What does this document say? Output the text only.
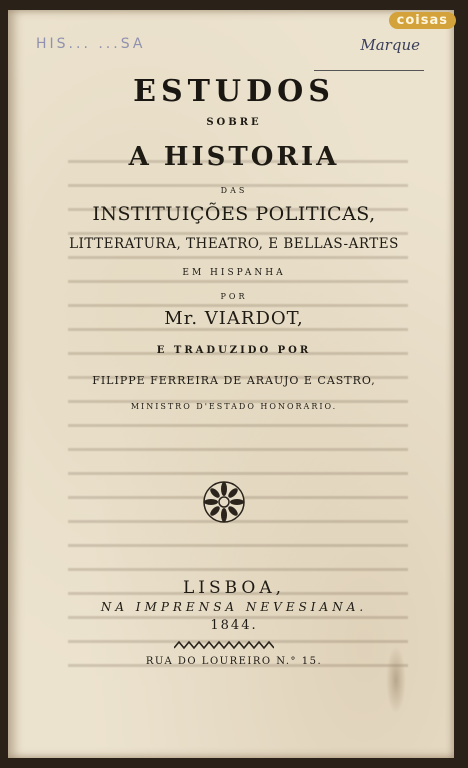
coisas
HIS... ...SA	Marque
ESTUDOS
SOBRE
A HISTORIA
DAS
INSTITUIÇÕES POLITICAS,
LITTERATURA, THEATRO, E BELLAS-ARTES
EM HISPANHA
POR
Mr. VIARDOT,
E TRADUZIDO POR
FILIPPE FERREIRA DE ARAUJO E CASTRO,
MINISTRO D'ESTADO HONORARIO.
LISBOA,
NA IMPRENSA NEVESIANA.
1844.
RUA DO LOUREIRO N.° 15.
